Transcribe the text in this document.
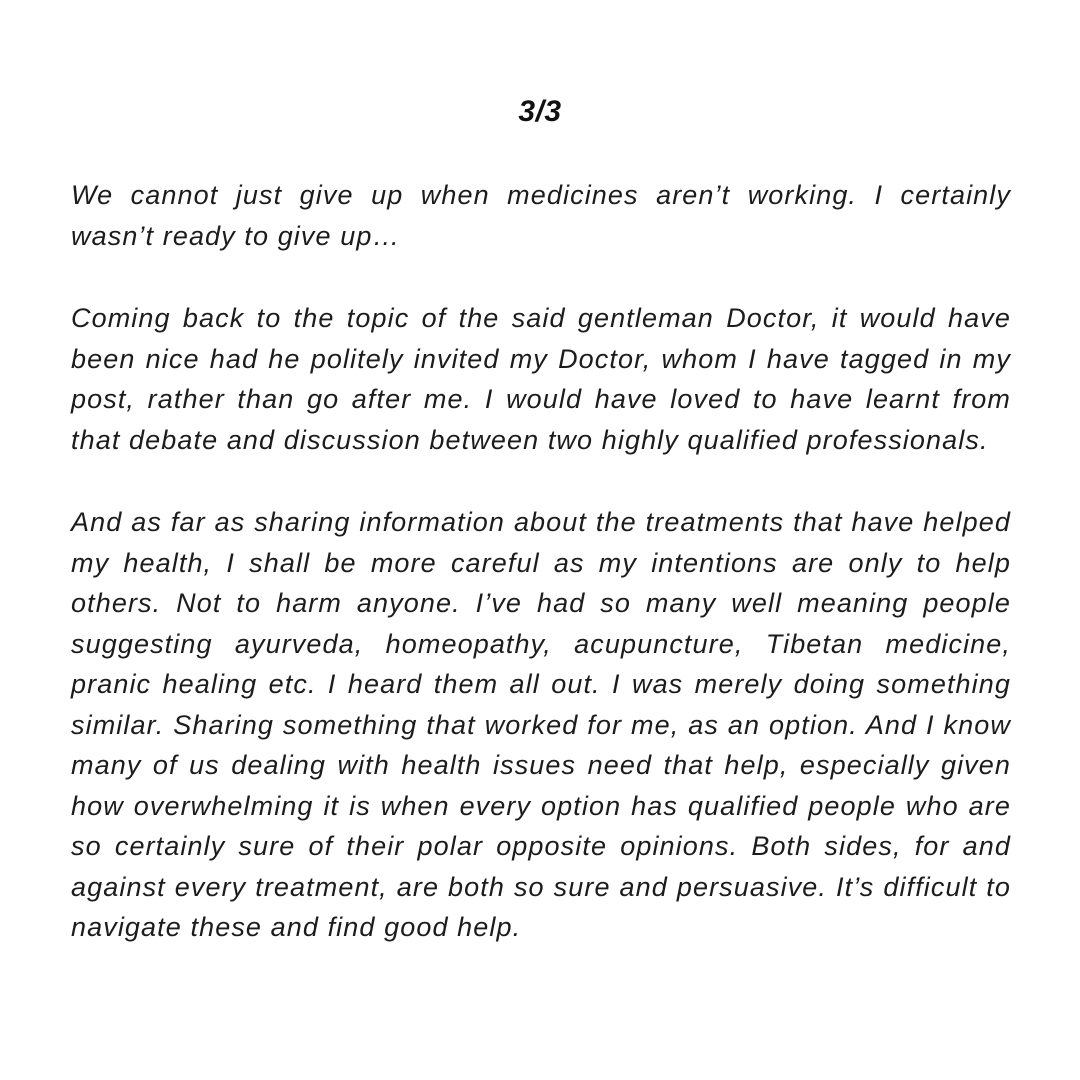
3/3

We cannot just give up when medicines aren’t working. I certainly wasn’t ready to give up…

Coming back to the topic of the said gentleman Doctor, it would have been nice had he politely invited my Doctor, whom I have tagged in my post, rather than go after me. I would have loved to have learnt from that debate and discussion between two highly qualified professionals.

And as far as sharing information about the treatments that have helped my health, I shall be more careful as my intentions are only to help others. Not to harm anyone. I’ve had so many well meaning people suggesting ayurveda, homeopathy, acupuncture, Tibetan medicine, pranic healing etc. I heard them all out. I was merely doing something similar. Sharing something that worked for me, as an option. And I know many of us dealing with health issues need that help, especially given how overwhelming it is when every option has qualified people who are so certainly sure of their polar opposite opinions. Both sides, for and against every treatment, are both so sure and persuasive. It’s difficult to navigate these and find good help.
